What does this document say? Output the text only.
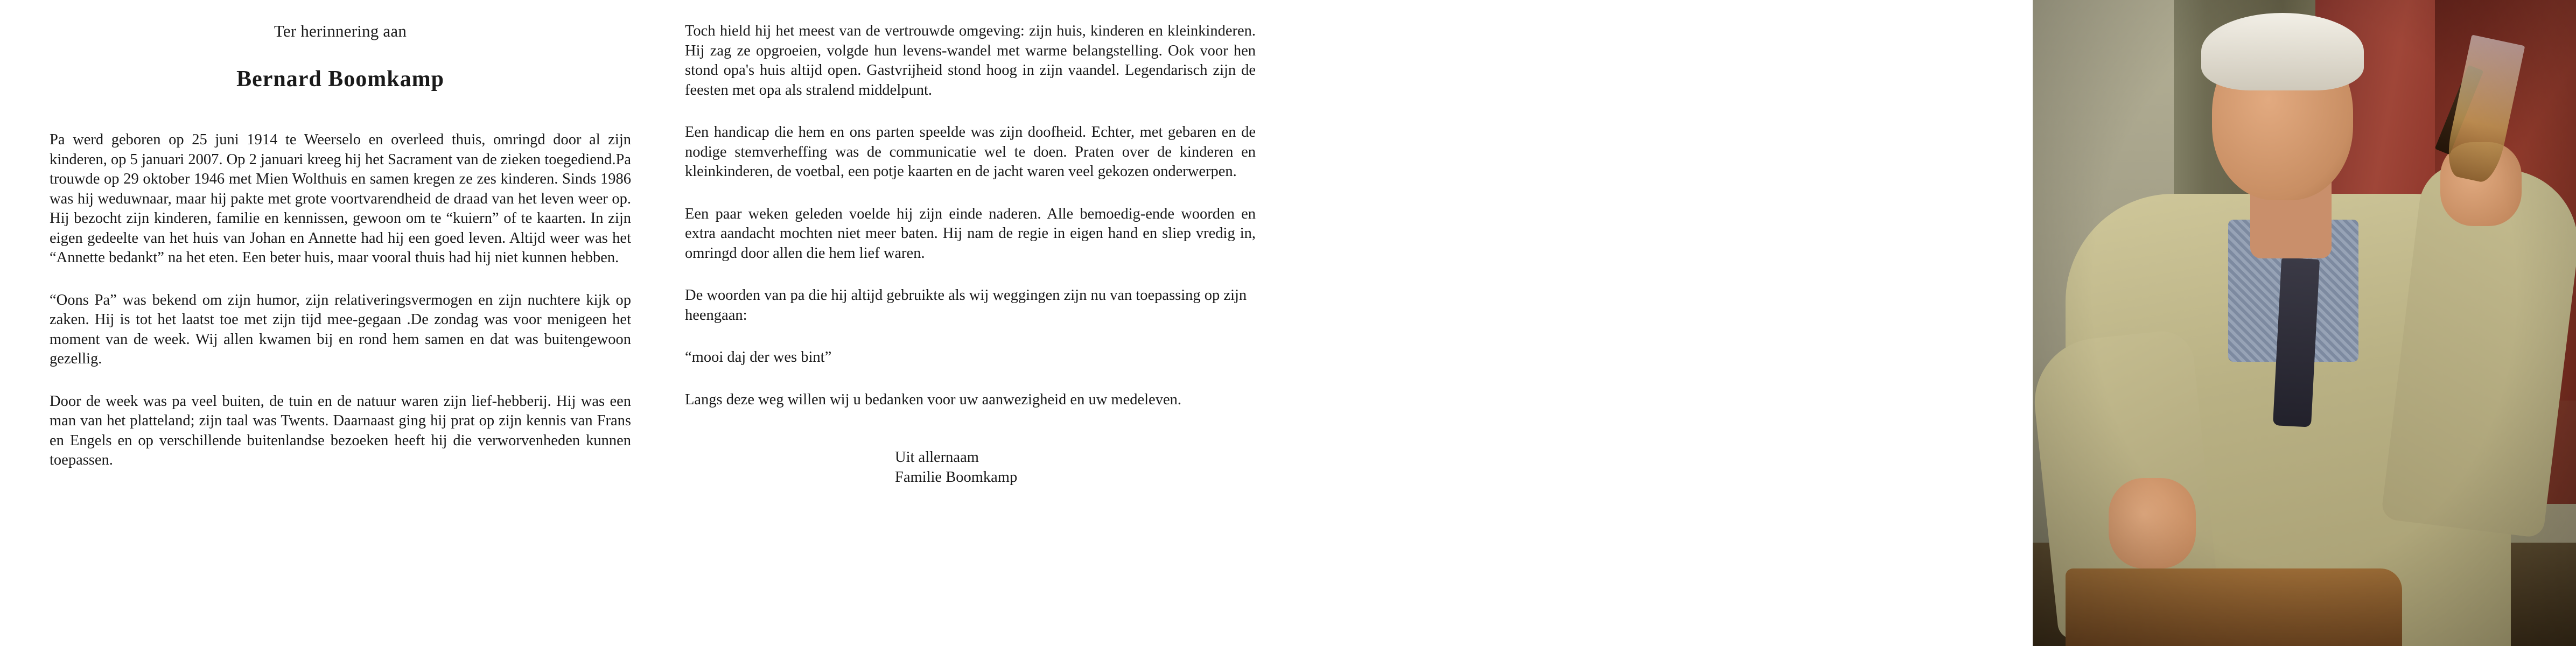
Ter herinnering aan
Bernard Boomkamp

Pa werd geboren op 25 juni 1914 te Weerselo en overleed thuis, omringd door al zijn kinderen, op 5 januari 2007. Op 2 januari kreeg hij het Sacrament van de zieken toegediend.Pa trouwde op 29 oktober 1946 met Mien Wolthuis en samen kregen ze zes kinderen. Sinds 1986 was hij weduwnaar, maar hij pakte met grote voortvarendheid de draad van het leven weer op. Hij bezocht zijn kinderen, familie en kennissen, gewoon om te “kuiern” of te kaarten. In zijn eigen gedeelte van het huis van Johan en Annette had hij een goed leven. Altijd weer was het “Annette bedankt” na het eten. Een beter huis, maar vooral thuis had hij niet kunnen hebben.

“Oons Pa” was bekend om zijn humor, zijn relativeringsvermogen en zijn nuchtere kijk op zaken. Hij is tot het laatst toe met zijn tijd mee-gegaan .De zondag was voor menigeen het moment van de week. Wij allen kwamen bij en rond hem samen en dat was buitengewoon gezellig.

Door de week was pa veel buiten, de tuin en de natuur waren zijn lief-hebberij. Hij was een man van het platteland; zijn taal was Twents. Daarnaast ging hij prat op zijn kennis van Frans en Engels en op verschillende buitenlandse bezoeken heeft hij die verworvenheden kunnen toepassen.

Toch hield hij het meest van de vertrouwde omgeving: zijn huis, kinderen en kleinkinderen. Hij zag ze opgroeien, volgde hun levens-wandel met warme belangstelling. Ook voor hen stond opa's huis altijd open. Gastvrijheid stond hoog in zijn vaandel. Legendarisch zijn de feesten met opa als stralend middelpunt.

Een handicap die hem en ons parten speelde was zijn doofheid. Echter, met gebaren en de nodige stemverheffing was de communicatie wel te doen. Praten over de kinderen en kleinkinderen, de voetbal, een potje kaarten en de jacht waren veel gekozen onderwerpen.

Een paar weken geleden voelde hij zijn einde naderen. Alle bemoedig-ende woorden en extra aandacht mochten niet meer baten. Hij nam de regie in eigen hand en sliep vredig in, omringd door allen die hem lief waren.

De woorden van pa die hij altijd gebruikte als wij weggingen zijn nu van toepassing op zijn heengaan:

“mooi daj der wes bint”

Langs deze weg willen wij u bedanken voor uw aanwezigheid en uw medeleven.

Uit allernaam
Familie Boomkamp
